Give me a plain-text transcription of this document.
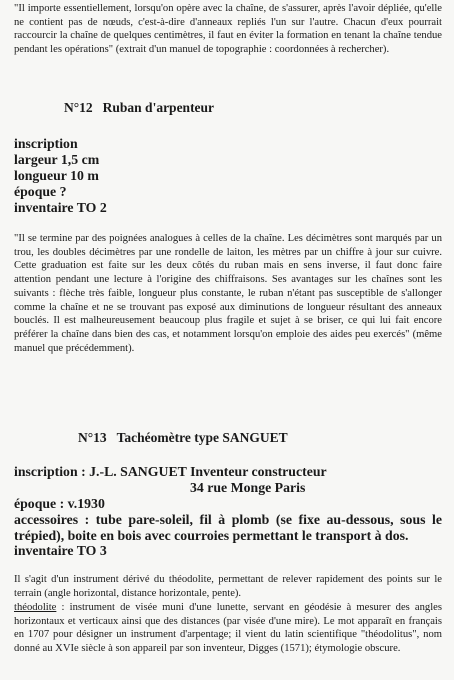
"Il importe essentiellement, lorsqu'on opère avec la chaîne, de s'assurer, après l'avoir dépliée, qu'elle ne contient pas de nœuds, c'est-à-dire d'anneaux repliés l'un sur l'autre. Chacun d'eux pourrait raccourcir la chaîne de quelques centimètres, il faut en éviter la formation en tenant la chaîne tendue pendant les opérations" (extrait d'un manuel de topographie : coordonnées à rechercher).

N°12 Ruban d'arpenteur

inscription

largeur 1,5 cm

longueur 10 m

époque ?

inventaire TO 2

"Il se termine par des poignées analogues à celles de la chaîne. Les décimètres sont marqués par un trou, les doubles décimètres par une rondelle de laiton, les mètres par un chiffre à jour sur cuivre. Cette graduation est faite sur les deux côtés du ruban mais en sens inverse, il faut donc faire attention pendant une lecture à l'origine des chiffraisons. Ses avantages sur les chaînes sont les suivants : flèche très faible, longueur plus constante, le ruban n'étant pas susceptible de s'allonger comme la chaîne et ne se trouvant pas exposé aux diminutions de longueur résultant des anneaux bouclés. Il est malheureusement beaucoup plus fragile et sujet à se briser, ce qui lui fait encore préférer la chaîne dans bien des cas, et notamment lorsqu'on emploie des aides peu exercés" (même manuel que précédemment).

N°13 Tachéomètre type SANGUET

inscription : J.-L. SANGUET Inventeur constructeur

34 rue Monge Paris

époque : v.1930

accessoires : tube pare-soleil, fil à plomb (se fixe au-dessous, sous le trépied), boite en bois avec courroies permettant le transport à dos.

inventaire TO 3

Il s'agit d'un instrument dérivé du théodolite, permettant de relever rapidement des points sur le terrain (angle horizontal, distance horizontale, pente).

théodolite : instrument de visée muni d'une lunette, servant en géodésie à mesurer des angles horizontaux et verticaux ainsi que des distances (par visée d'une mire). Le mot apparaît en français en 1707 pour désigner un instrument d'arpentage; il vient du latin scientifique "théodolitus", nom donné au XVIe siècle à son appareil par son inventeur, Digges (1571); étymologie obscure.
